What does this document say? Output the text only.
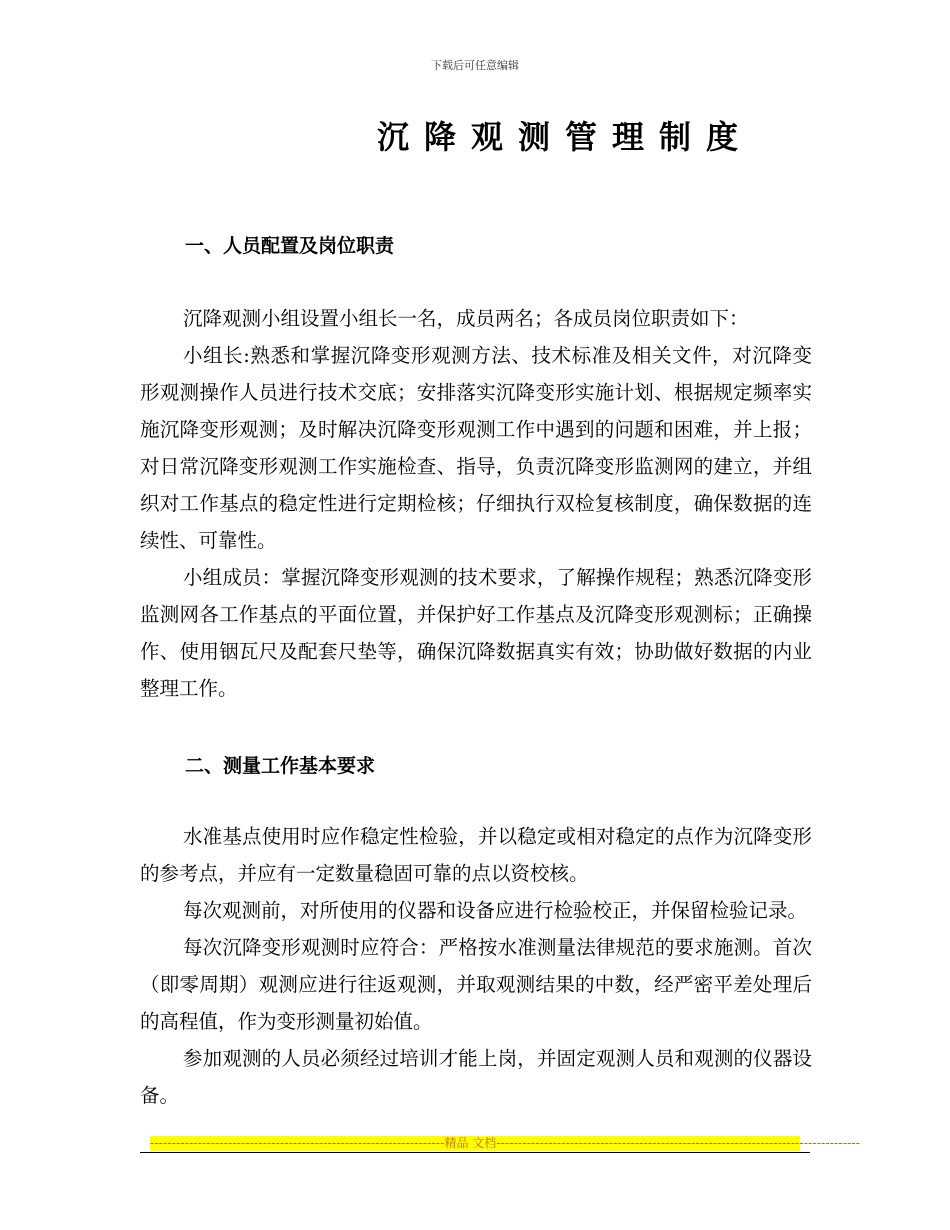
下载后可任意编辑
沉降观测管理制度
一、人员配置及岗位职责
沉降观测小组设置小组长一名，成员两名；各成员岗位职责如下：
小组长:熟悉和掌握沉降变形观测方法、技术标准及相关文件，对沉降变形观测操作人员进行技术交底；安排落实沉降变形实施计划、根据规定频率实施沉降变形观测；及时解决沉降变形观测工作中遇到的问题和困难，并上报；对日常沉降变形观测工作实施检查、指导，负责沉降变形监测网的建立，并组织对工作基点的稳定性进行定期检核；仔细执行双检复核制度，确保数据的连续性、可靠性。
小组成员：掌握沉降变形观测的技术要求，了解操作规程；熟悉沉降变形监测网各工作基点的平面位置，并保护好工作基点及沉降变形观测标；正确操作、使用铟瓦尺及配套尺垫等，确保沉降数据真实有效；协助做好数据的内业整理工作。
二、测量工作基本要求
水准基点使用时应作稳定性检验，并以稳定或相对稳定的点作为沉降变形的参考点，并应有一定数量稳固可靠的点以资校核。
每次观测前，对所使用的仪器和设备应进行检验校正，并保留检验记录。
每次沉降变形观测时应符合：严格按水准测量法律规范的要求施测。首次（即零周期）观测应进行往返观测，并取观测结果的中数，经严密平差处理后的高程值，作为变形测量初始值。
参加观测的人员必须经过培训才能上岗，并固定观测人员和观测的仪器设备。
--------------------------------------------------------------------精品 文档------------------------------------------------------------------------------------
